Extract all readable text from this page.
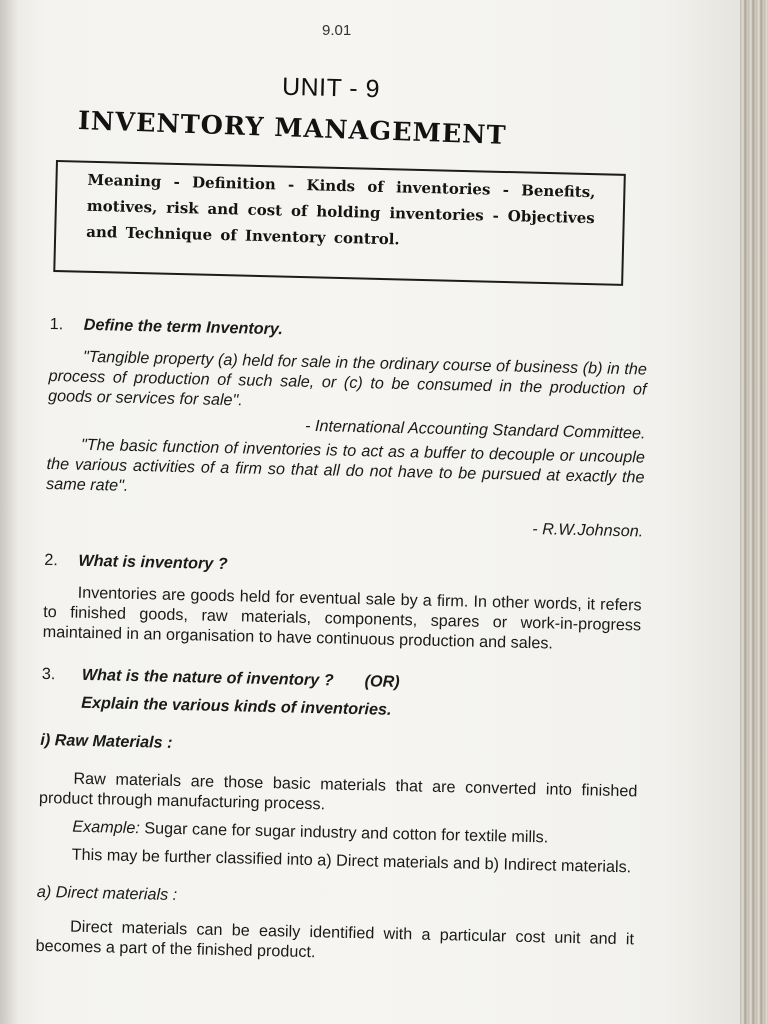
9.01
UNIT - 9
INVENTORY MANAGEMENT
Meaning - Definition - Kinds of inventories - Benefits, motives, risk and cost of holding inventories - Objectives and Technique of Inventory control.
1. Define the term Inventory.

"Tangible property (a) held for sale in the ordinary course of business (b) in the process of production of such sale, or (c) to be consumed in the production of goods or services for sale".

- International Accounting Standard Committee.

"The basic function of inventories is to act as a buffer to decouple or uncouple the various activities of a firm so that all do not have to be pursued at exactly the same rate".

- R.W.Johnson.

2. What is inventory ?

Inventories are goods held for eventual sale by a firm. In other words, it refers to finished goods, raw materials, components, spares or work-in-progress maintained in an organisation to have continuous production and sales.

3. What is the nature of inventory ? (OR)
Explain the various kinds of inventories.

i) Raw Materials :

Raw materials are those basic materials that are converted into finished product through manufacturing process.

Example: Sugar cane for sugar industry and cotton for textile mills.

This may be further classified into a) Direct materials and b) Indirect materials.

a) Direct materials :

Direct materials can be easily identified with a particular cost unit and it becomes a part of the finished product.
